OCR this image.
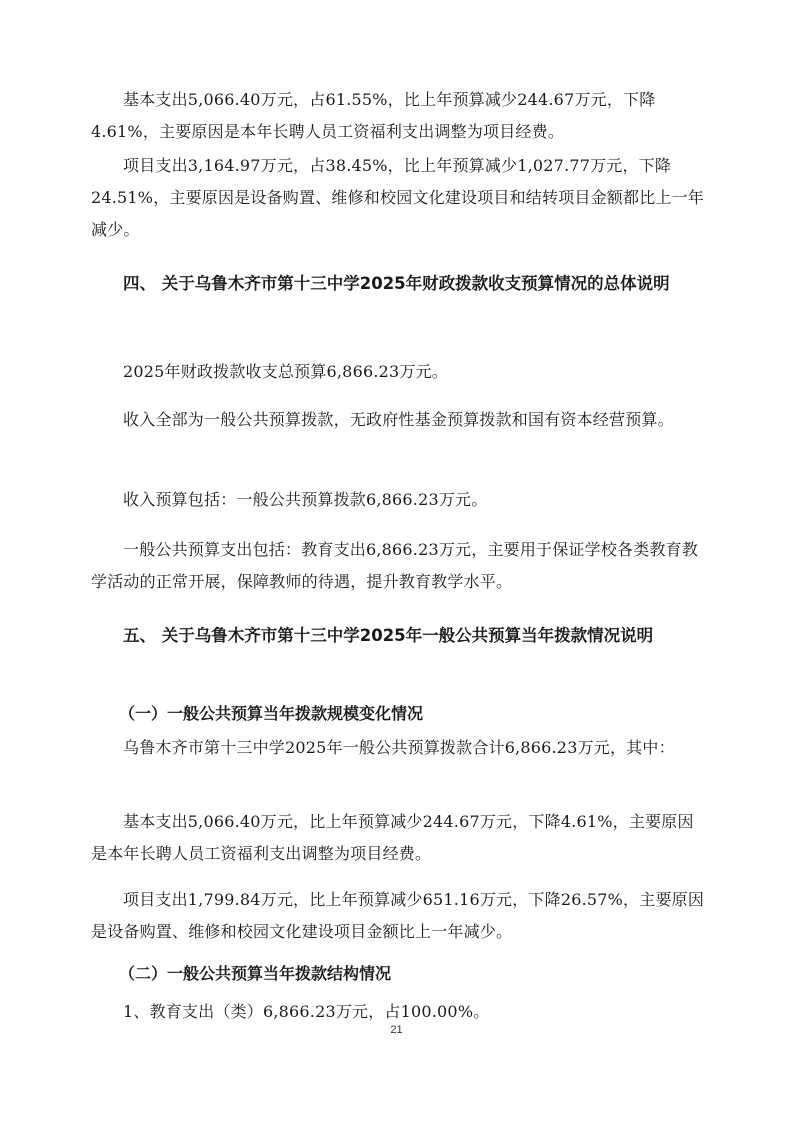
基本支出5,066.40万元，占61.55%，比上年预算减少244.67万元，下降4.61%，主要原因是本年长聘人员工资福利支出调整为项目经费。
项目支出3,164.97万元，占38.45%，比上年预算减少1,027.77万元，下降24.51%，主要原因是设备购置、维修和校园文化建设项目和结转项目金额都比上一年减少。
四、 关于乌鲁木齐市第十三中学2025年财政拨款收支预算情况的总体说明
2025年财政拨款收支总预算6,866.23万元。
收入全部为一般公共预算拨款，无政府性基金预算拨款和国有资本经营预算。
收入预算包括：一般公共预算拨款6,866.23万元。
一般公共预算支出包括：教育支出6,866.23万元，主要用于保证学校各类教育教学活动的正常开展，保障教师的待遇，提升教育教学水平。
五、 关于乌鲁木齐市第十三中学2025年一般公共预算当年拨款情况说明
（一）一般公共预算当年拨款规模变化情况
乌鲁木齐市第十三中学2025年一般公共预算拨款合计6,866.23万元，其中：
基本支出5,066.40万元，比上年预算减少244.67万元，下降4.61%，主要原因是本年长聘人员工资福利支出调整为项目经费。
项目支出1,799.84万元，比上年预算减少651.16万元，下降26.57%，主要原因是设备购置、维修和校园文化建设项目金额比上一年减少。
（二）一般公共预算当年拨款结构情况
1、教育支出（类）6,866.23万元，占100.00%。
21
